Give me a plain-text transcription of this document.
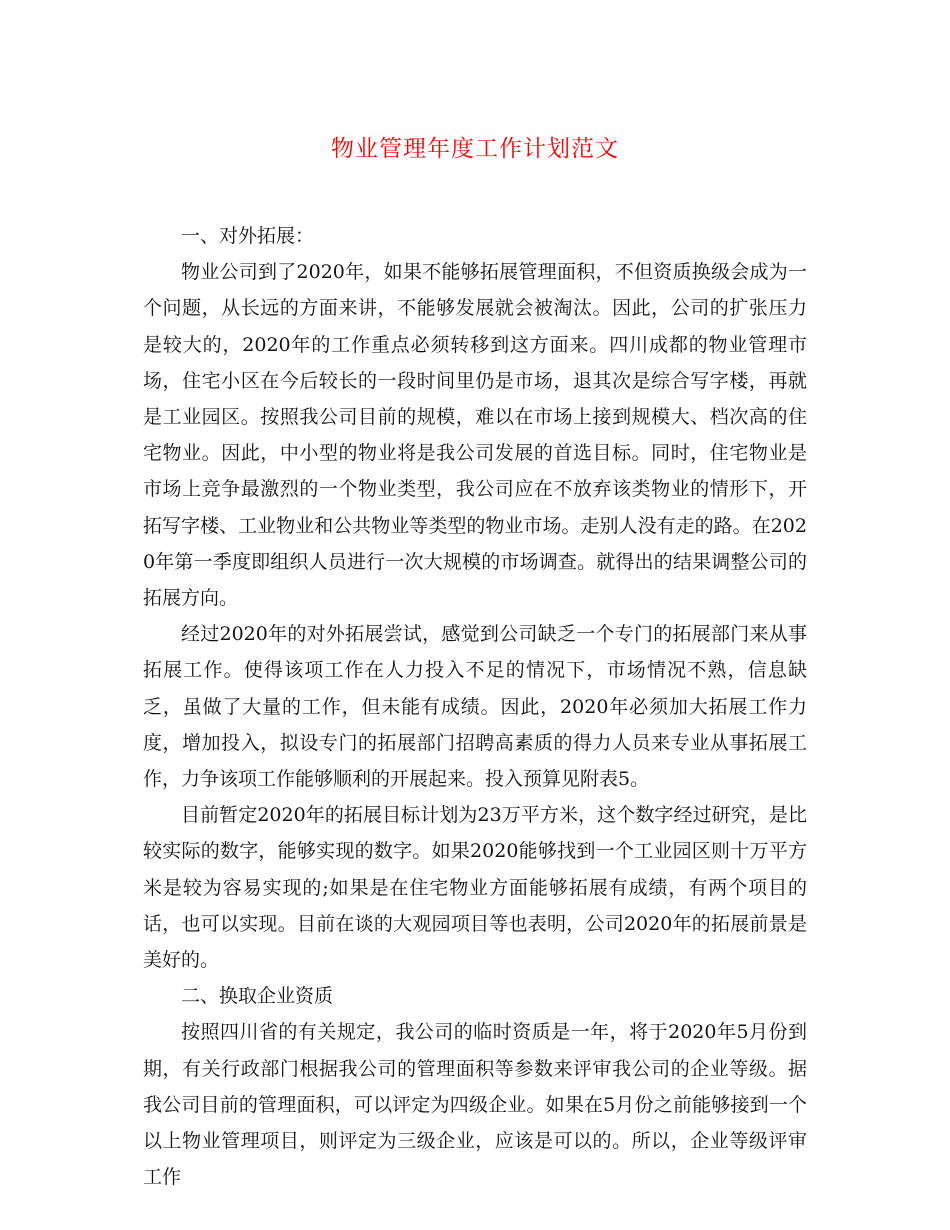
物业管理年度工作计划范文

一、对外拓展：

物业公司到了2020年，如果不能够拓展管理面积，不但资质换级会成为一个问题，从长远的方面来讲，不能够发展就会被淘汰。因此，公司的扩张压力是较大的，2020年的工作重点必须转移到这方面来。四川成都的物业管理市场，住宅小区在今后较长的一段时间里仍是市场，退其次是综合写字楼，再就是工业园区。按照我公司目前的规模，难以在市场上接到规模大、档次高的住宅物业。因此，中小型的物业将是我公司发展的首选目标。同时，住宅物业是市场上竞争最激烈的一个物业类型，我公司应在不放弃该类物业的情形下，开拓写字楼、工业物业和公共物业等类型的物业市场。走别人没有走的路。在2020年第一季度即组织人员进行一次大规模的市场调查。就得出的结果调整公司的拓展方向。

经过2020年的对外拓展尝试，感觉到公司缺乏一个专门的拓展部门来从事拓展工作。使得该项工作在人力投入不足的情况下，市场情况不熟，信息缺乏，虽做了大量的工作，但未能有成绩。因此，2020年必须加大拓展工作力度，增加投入，拟设专门的拓展部门招聘高素质的得力人员来专业从事拓展工作，力争该项工作能够顺利的开展起来。投入预算见附表5。

目前暂定2020年的拓展目标计划为23万平方米，这个数字经过研究，是比较实际的数字，能够实现的数字。如果2020能够找到一个工业园区则十万平方米是较为容易实现的;如果是在住宅物业方面能够拓展有成绩，有两个项目的话，也可以实现。目前在谈的大观园项目等也表明，公司2020年的拓展前景是美好的。

二、换取企业资质

按照四川省的有关规定，我公司的临时资质是一年，将于2020年5月份到期，有关行政部门根据我公司的管理面积等参数来评审我公司的企业等级。据我公司目前的管理面积，可以评定为四级企业。如果在5月份之前能够接到一个以上物业管理项目，则评定为三级企业，应该是可以的。所以，企业等级评审工作
